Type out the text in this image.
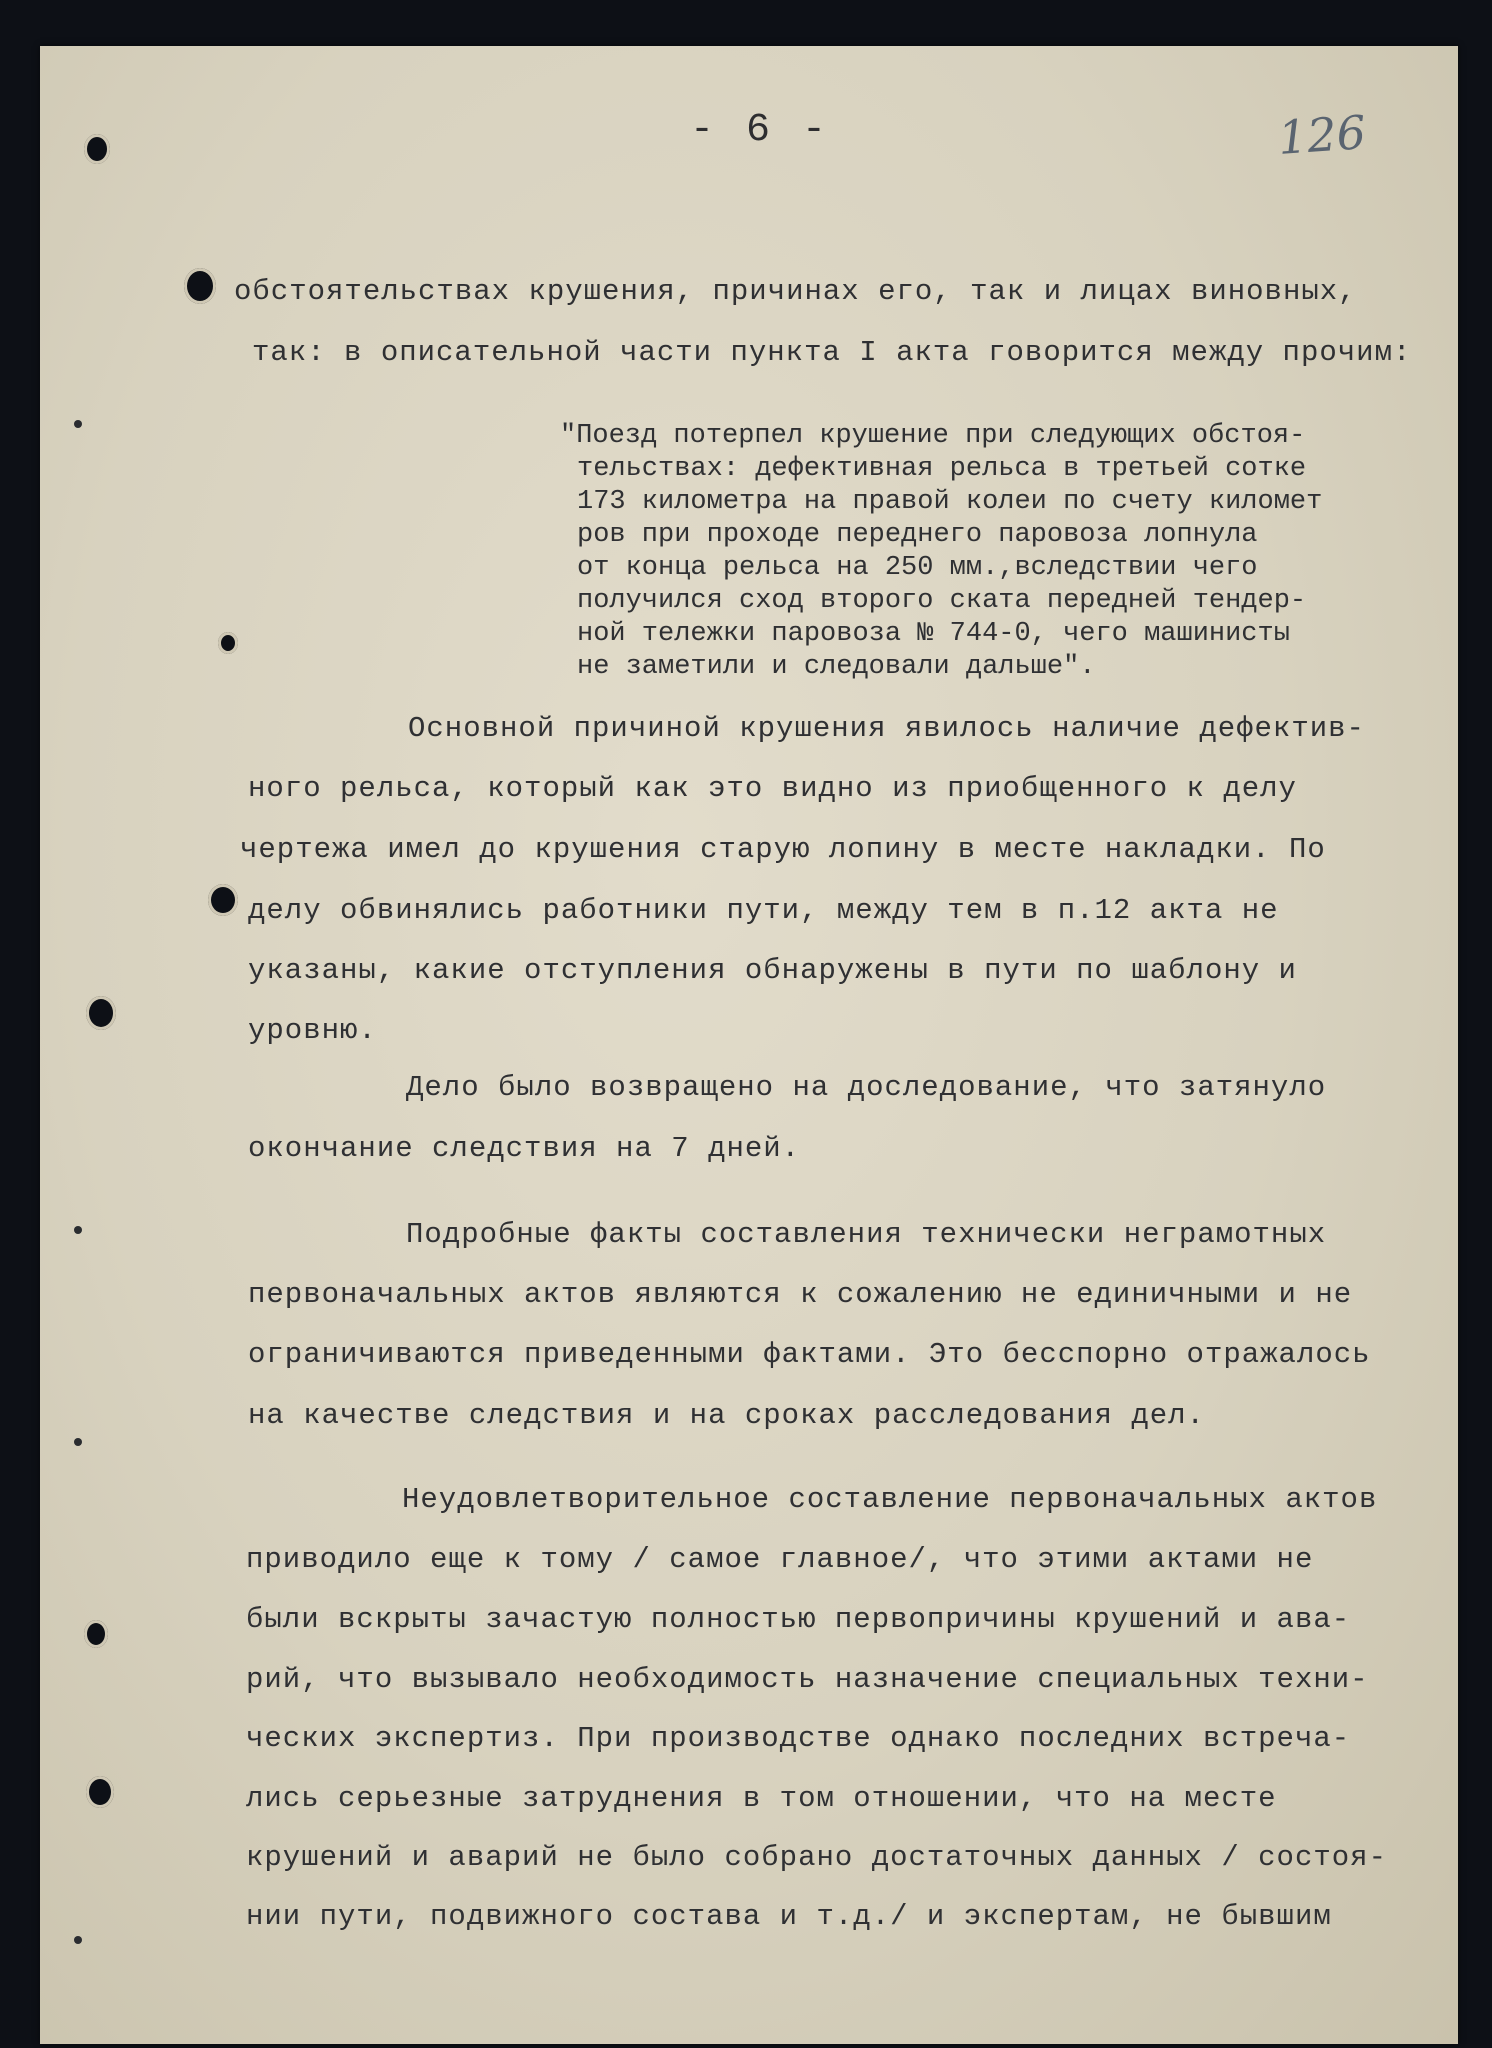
- 6 -	126
обстоятельствах крушения, причинах его, так и лицах виновных,
так: в описательной части пункта I акта говорится между прочим:
"Поезд потерпел крушение при следующих обстоя-
тельствах: дефективная рельса в третьей сотке
173 километра на правой колеи по счету километ
ров при проходе переднего паровоза лопнула
от конца рельса на 250 мм.,вследствии чего
получился сход второго ската передней тендер-
ной тележки паровоза № 744-0, чего машинисты
не заметили и следовали дальше".
Основной причиной крушения явилось наличие дефектив-
ного рельса, который как это видно из приобщенного к делу
чертежа имел до крушения старую лопину в месте накладки. По
делу обвинялись работники пути, между тем в п.12 акта не
указаны, какие отступления обнаружены в пути по шаблону и
уровню.
Дело было возвращено на доследование, что затянуло
окончание следствия на 7 дней.
Подробные факты составления технически неграмотных
первоначальных актов являются к сожалению не единичными и не
ограничиваются приведенными фактами. Это бесспорно отражалось
на качестве следствия и на сроках расследования дел.
Неудовлетворительное составление первоначальных актов
приводило еще к тому / самое главное/, что этими актами не
были вскрыты зачастую полностью первопричины крушений и ава-
рий, что вызывало необходимость назначение специальных техни-
ческих экспертиз. При производстве однако последних встреча-
лись серьезные затруднения в том отношении, что на месте
крушений и аварий не было собрано достаточных данных / состоя-
нии пути, подвижного состава и т.д./ и экспертам, не бывшим
